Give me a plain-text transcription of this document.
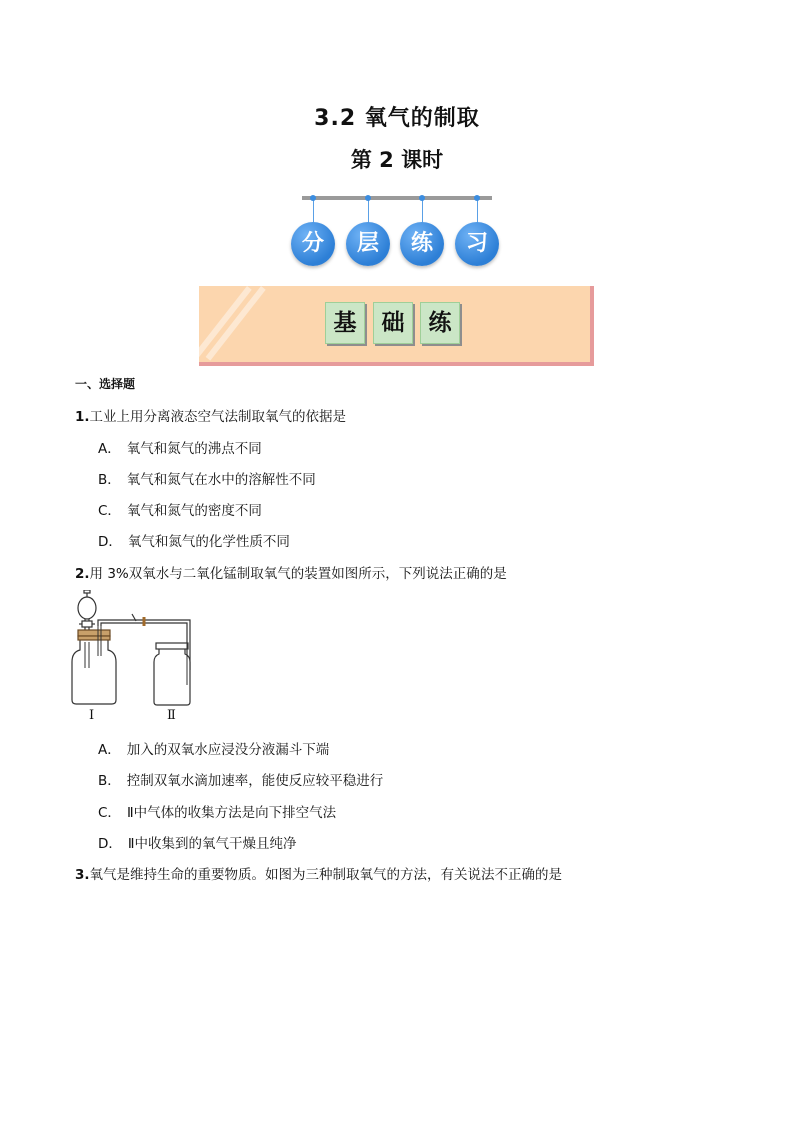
3.2 氧气的制取
第 2 课时
分	层	练	习
基	础	练
一、选择题
1.工业上用分离液态空气法制取氧气的依据是
A． 氧气和氮气的沸点不同
B． 氧气和氮气在水中的溶解性不同
C． 氧气和氮气的密度不同
D． 氧气和氮气的化学性质不同
2.用 3%双氧水与二氧化锰制取氧气的装置如图所示，下列说法正确的是
Ⅰ	Ⅱ
A． 加入的双氧水应浸没分液漏斗下端
B． 控制双氧水滴加速率，能使反应较平稳进行
C． Ⅱ中气体的收集方法是向下排空气法
D． Ⅱ中收集到的氧气干燥且纯净
3.氧气是维持生命的重要物质。如图为三种制取氧气的方法，有关说法不正确的是
